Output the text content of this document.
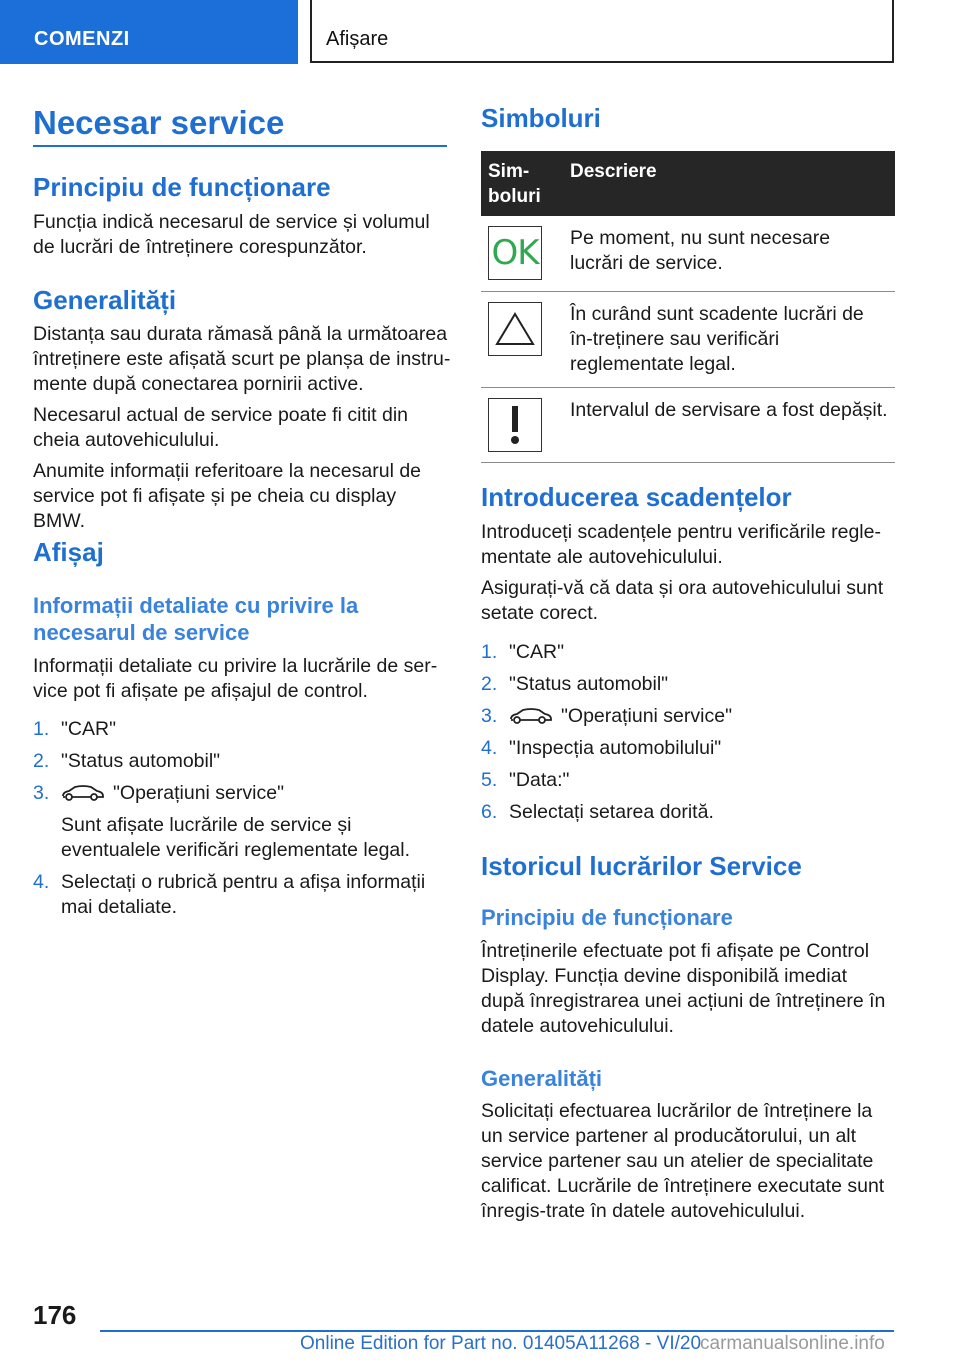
COMENZI	Afișare
Necesar service
Principiu de funcționare

Funcția indică necesarul de service și volumul de lucrări de întreținere corespunzător.

Generalități

Distanța sau durata rămasă până la următoarea întreținere este afișată scurt pe planșa de instru-mente după conectarea pornirii active.

Necesarul actual de service poate fi citit din cheia autovehiculului.

Anumite informații referitoare la necesarul de service pot fi afișate și pe cheia cu display BMW.

Afișaj
Informații detaliate cu privire la necesarul de service

Informații detaliate cu privire la lucrările de ser-vice pot fi afișate pe afișajul de control.

1. "CAR"
2. "Status automobil"
3.	"Operațiuni service"

Sunt afișate lucrările de service și eventualele verificări reglementate legal.

4. Selectați o rubrică pentru a afișa informații mai detaliate.
Simboluri
Sim-boluri	Descriere

OK	Pe moment, nu sunt necesare lucrări de service.

	În curând sunt scadente lucrări de în-treținere sau verificări reglementate legal.

	Intervalul de servisare a fost depășit.
Introducerea scadențelor

Introduceți scadențele pentru verificările regle-mentate ale autovehiculului.

Asigurați-vă că data și ora autovehiculului sunt setate corect.

1. "CAR"
2. "Status automobil"
3.	"Operațiuni service"
4. "Inspecția automobilului"
5. "Data:"
6. Selectați setarea dorită.
Istoricul lucrărilor Service
Principiu de funcționare

Întreținerile efectuate pot fi afișate pe Control Display. Funcția devine disponibilă imediat după înregistrarea unei acțiuni de întreținere în datele autovehiculului.

Generalități

Solicitați efectuarea lucrărilor de întreținere la un service partener al producătorului, un alt service partener sau un atelier de specialitate calificat. Lucrările de întreținere executate sunt înregis-trate în datele autovehiculului.

176
Online Edition for Part no. 01405A11268 - VI/20
carmanualsonline.info
